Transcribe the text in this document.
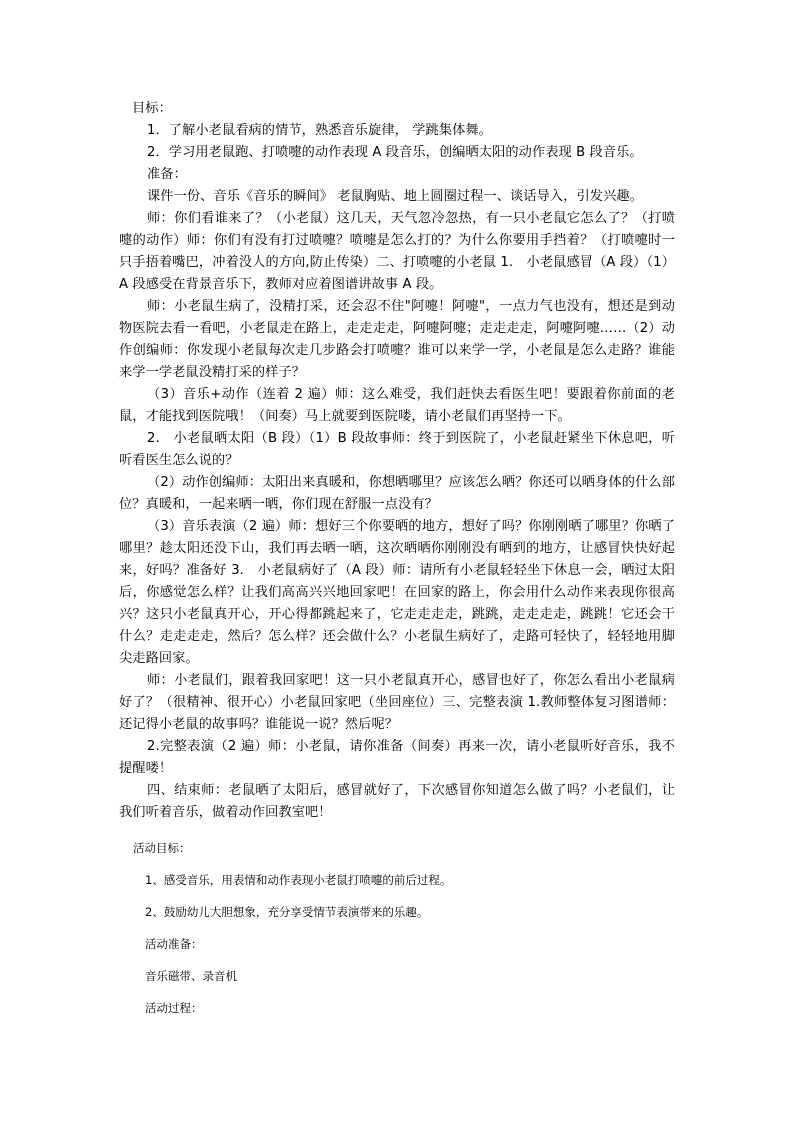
目标：

1．了解小老鼠看病的情节，熟悉音乐旋律， 学跳集体舞。

2．学习用老鼠跑、打喷嚏的动作表现 A 段音乐，创编晒太阳的动作表现 B 段音乐。

准备：

课件一份、音乐《音乐的瞬间》 老鼠胸贴、地上圆圈过程一、谈话导入，引发兴趣。

师：你们看谁来了？（小老鼠）这几天，天气忽冷忽热，有一只小老鼠它怎么了？（打喷嚏的动作）师：你们有没有打过喷嚏？喷嚏是怎么打的？为什么你要用手挡着？（打喷嚏时一只手捂着嘴巴，冲着没人的方向,防止传染）二、打喷嚏的小老鼠 1.　小老鼠感冒（A 段）（1）A 段感受在背景音乐下，教师对应着图谱讲故事 A 段。

师：小老鼠生病了，没精打采，还会忍不住"阿嚏！阿嚏"，一点力气也没有，想还是到动物医院去看一看吧，小老鼠走在路上，走走走走，阿嚏阿嚏；走走走走，阿嚏阿嚏……（2）动作创编师：你发现小老鼠每次走几步路会打喷嚏？谁可以来学一学，小老鼠是怎么走路？谁能来学一学老鼠没精打采的样子？

（3）音乐+动作（连着 2 遍）师：这么难受，我们赶快去看医生吧！要跟着你前面的老鼠，才能找到医院哦！（间奏）马上就要到医院喽，请小老鼠们再坚持一下。

2.　小老鼠晒太阳（B 段）（1）B 段故事师：终于到医院了，小老鼠赶紧坐下休息吧，听听看医生怎么说的？

（2）动作创编师：太阳出来真暖和，你想晒哪里？应该怎么晒？你还可以晒身体的什么部位？真暖和，一起来晒一晒，你们现在舒服一点没有？

（3）音乐表演（2 遍）师：想好三个你要晒的地方，想好了吗？你刚刚晒了哪里？你晒了哪里？趁太阳还没下山，我们再去晒一晒，这次晒晒你刚刚没有晒到的地方，让感冒快快好起来，好吗？准备好 3.　小老鼠病好了（A 段）师：请所有小老鼠轻轻坐下休息一会，晒过太阳后，你感觉怎么样？让我们高高兴兴地回家吧！在回家的路上，你会用什么动作来表现你很高兴？这只小老鼠真开心，开心得都跳起来了，它走走走走，跳跳，走走走走，跳跳！它还会干什么？走走走走，然后？怎么样？还会做什么？小老鼠生病好了，走路可轻快了，轻轻地用脚尖走路回家。

师：小老鼠们，跟着我回家吧！这一只小老鼠真开心，感冒也好了，你怎么看出小老鼠病好了？（很精神、很开心）小老鼠回家吧（坐回座位）三、完整表演 1.教师整体复习图谱师：还记得小老鼠的故事吗？谁能说一说？然后呢？

2.完整表演（2 遍）师：小老鼠，请你准备（间奏）再来一次，请小老鼠听好音乐，我不提醒喽！

四、结束师：老鼠晒了太阳后，感冒就好了，下次感冒你知道怎么做了吗？小老鼠们，让我们听着音乐，做着动作回教室吧！

活动目标：

1、感受音乐，用表情和动作表现小老鼠打喷嚏的前后过程。

2、鼓励幼儿大胆想象，充分享受情节表演带来的乐趣。

活动准备：

音乐磁带、录音机

活动过程：
